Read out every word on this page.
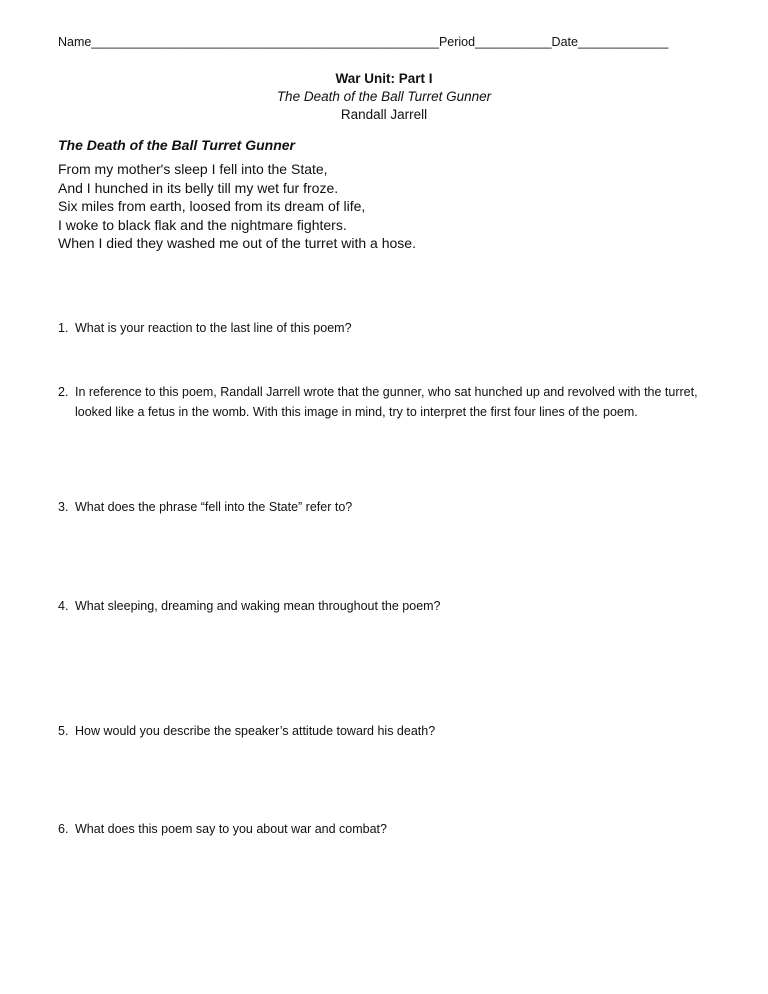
Name__________________________________________________Period___________Date_____________
War Unit: Part I
The Death of the Ball Turret Gunner
Randall Jarrell
The Death of the Ball Turret Gunner
From my mother's sleep I fell into the State,
And I hunched in its belly till my wet fur froze.
Six miles from earth, loosed from its dream of life,
I woke to black flak and the nightmare fighters.
When I died they washed me out of the turret with a hose.
1. What is your reaction to the last line of this poem?
2. In reference to this poem, Randall Jarrell wrote that the gunner, who sat hunched up and revolved with the turret, looked like a fetus in the womb. With this image in mind, try to interpret the first four lines of the poem.
3. What does the phrase “fell into the State” refer to?
4. What sleeping, dreaming and waking mean throughout the poem?
5. How would you describe the speaker’s attitude toward his death?
6. What does this poem say to you about war and combat?
